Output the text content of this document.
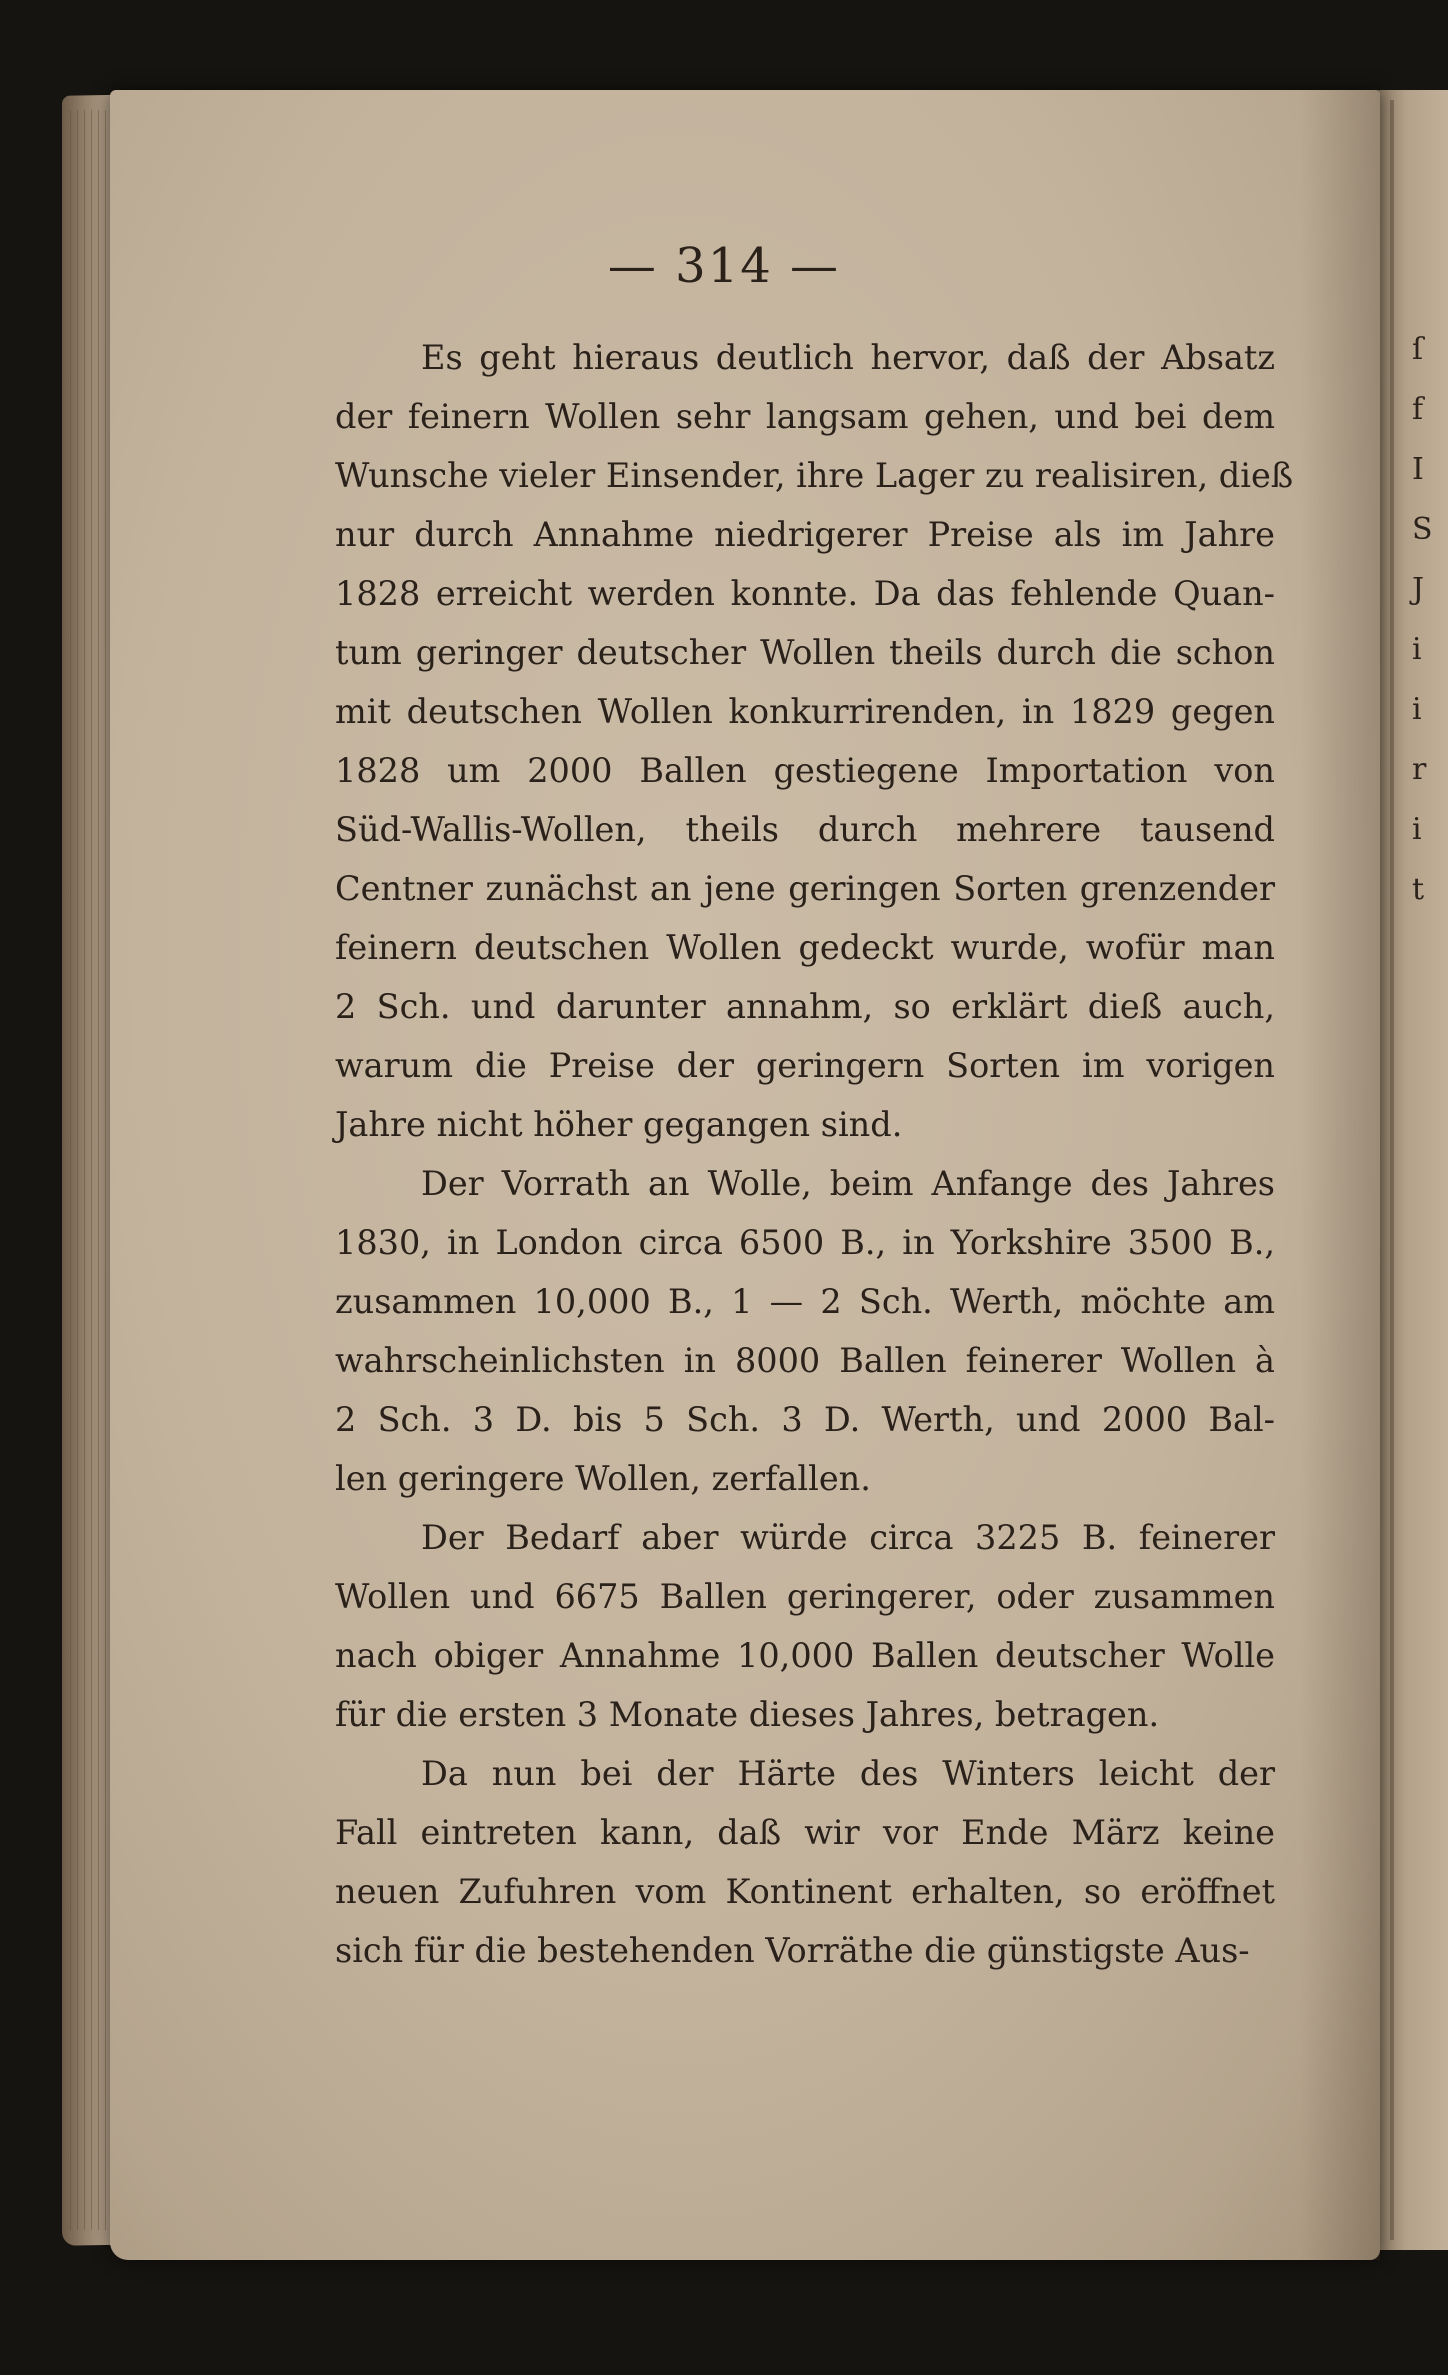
ſ
f
I
S
J
i
i
r
i
t
— 314 —
Es geht hieraus deutlich hervor, daß der Absatz
der feinern Wollen sehr langsam gehen, und bei dem
Wunsche vieler Einsender, ihre Lager zu realisiren, dieß
nur durch Annahme niedrigerer Preise als im Jahre
1828 erreicht werden konnte. Da das fehlende Quan-
tum geringer deutscher Wollen theils durch die schon
mit deutschen Wollen konkurrirenden, in 1829 gegen
1828 um 2000 Ballen gestiegene Importation von
Süd-Wallis-Wollen, theils durch mehrere tausend
Centner zunächst an jene geringen Sorten grenzender
feinern deutschen Wollen gedeckt wurde, wofür man
2 Sch. und darunter annahm, so erklärt dieß auch,
warum die Preise der geringern Sorten im vorigen
Jahre nicht höher gegangen sind.
Der Vorrath an Wolle, beim Anfange des Jahres
1830, in London circa 6500 B., in Yorkshire 3500 B.,
zusammen 10,000 B., 1 — 2 Sch. Werth, möchte am
wahrscheinlichsten in 8000 Ballen feinerer Wollen à
2 Sch. 3 D. bis 5 Sch. 3 D. Werth, und 2000 Bal-
len geringere Wollen, zerfallen.
Der Bedarf aber würde circa 3225 B. feinerer
Wollen und 6675 Ballen geringerer, oder zusammen
nach obiger Annahme 10,000 Ballen deutscher Wolle
für die ersten 3 Monate dieses Jahres, betragen.
Da nun bei der Härte des Winters leicht der
Fall eintreten kann, daß wir vor Ende März keine
neuen Zufuhren vom Kontinent erhalten, so eröffnet
sich für die bestehenden Vorräthe die günstigste Aus-
